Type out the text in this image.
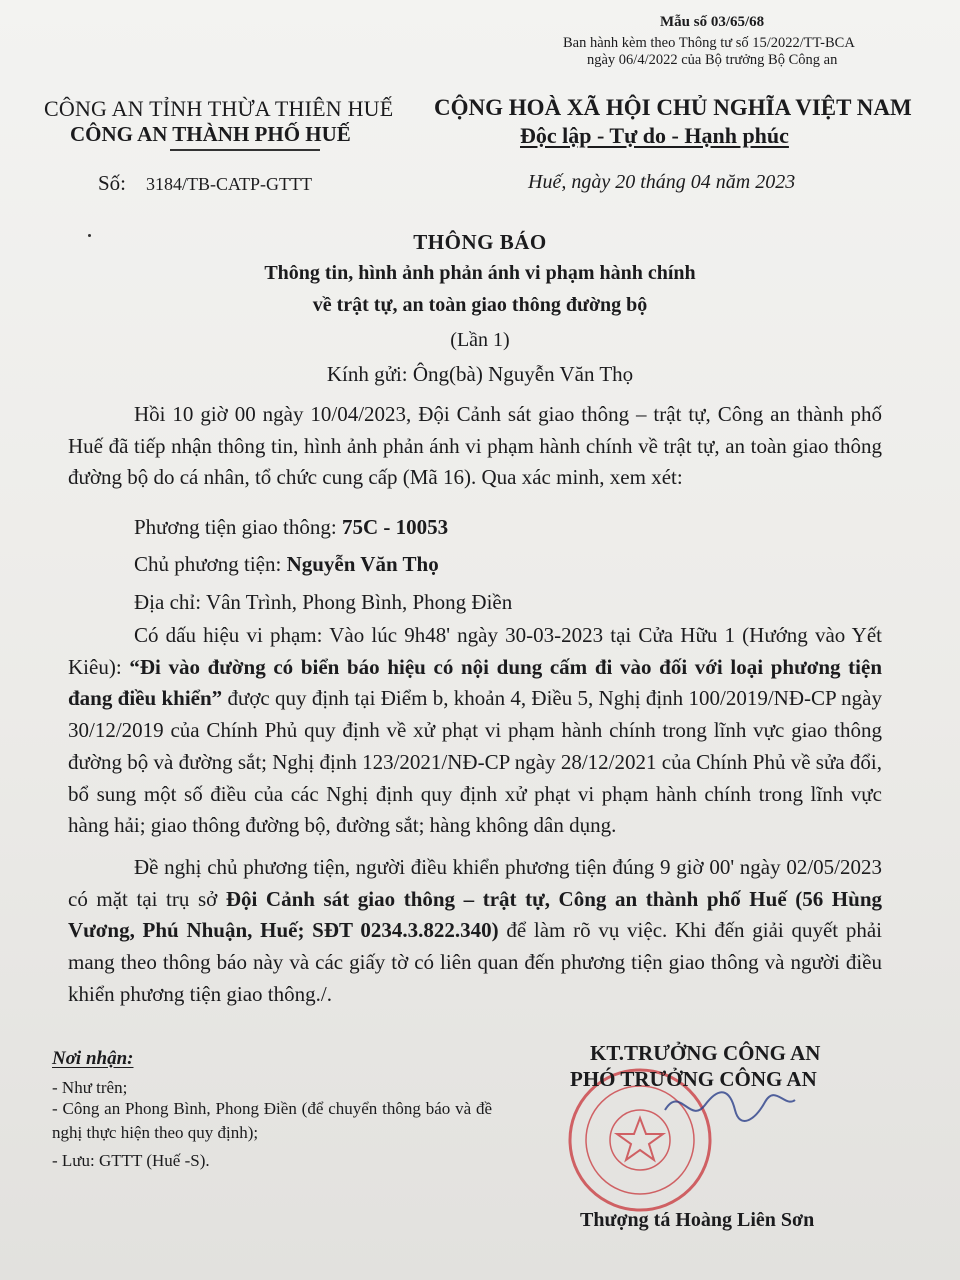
Mẫu số 03/65/68
Ban hành kèm theo Thông tư số 15/2022/TT-BCA
ngày 06/4/2022 của Bộ trưởng Bộ Công an
CÔNG AN TỈNH THỪA THIÊN HUẾ
CÔNG AN THÀNH PHỐ HUẾ
CỘNG HOÀ XÃ HỘI CHỦ NGHĨA VIỆT NAM
Độc lập - Tự do - Hạnh phúc
Số: 3184/TB-CATP-GTTT	Huế, ngày 20 tháng 04 năm 2023
THÔNG BÁO
Thông tin, hình ảnh phản ánh vi phạm hành chính
về trật tự, an toàn giao thông đường bộ
(Lần 1)
Kính gửi: Ông(bà) Nguyễn Văn Thọ
Hồi 10 giờ 00 ngày 10/04/2023, Đội Cảnh sát giao thông – trật tự, Công an thành phố Huế đã tiếp nhận thông tin, hình ảnh phản ánh vi phạm hành chính về trật tự, an toàn giao thông đường bộ do cá nhân, tổ chức cung cấp (Mã 16). Qua xác minh, xem xét:
Phương tiện giao thông: 75C - 10053
Chủ phương tiện: Nguyễn Văn Thọ
Địa chỉ: Vân Trình, Phong Bình, Phong Điền
Có dấu hiệu vi phạm: Vào lúc 9h48' ngày 30-03-2023 tại Cửa Hữu 1 (Hướng vào Yết Kiêu): “Đi vào đường có biển báo hiệu có nội dung cấm đi vào đối với loại phương tiện đang điều khiển” được quy định tại Điểm b, khoản 4, Điều 5, Nghị định 100/2019/NĐ-CP ngày 30/12/2019 của Chính Phủ quy định về xử phạt vi phạm hành chính trong lĩnh vực giao thông đường bộ và đường sắt; Nghị định 123/2021/NĐ-CP ngày 28/12/2021 của Chính Phủ về sửa đổi, bổ sung một số điều của các Nghị định quy định xử phạt vi phạm hành chính trong lĩnh vực hàng hải; giao thông đường bộ, đường sắt; hàng không dân dụng.
Đề nghị chủ phương tiện, người điều khiển phương tiện đúng 9 giờ 00' ngày 02/05/2023 có mặt tại trụ sở Đội Cảnh sát giao thông – trật tự, Công an thành phố Huế (56 Hùng Vương, Phú Nhuận, Huế; SĐT 0234.3.822.340) để làm rõ vụ việc. Khi đến giải quyết phải mang theo thông báo này và các giấy tờ có liên quan đến phương tiện giao thông và người điều khiển phương tiện giao thông./.
Nơi nhận:
- Như trên;
- Công an Phong Bình, Phong Điền (để chuyển thông báo và đề nghị thực hiện theo quy định);
- Lưu: GTTT (Huế -S).
KT.TRƯỞNG CÔNG AN
PHÓ TRƯỞNG CÔNG AN
Thượng tá Hoàng Liên Sơn
